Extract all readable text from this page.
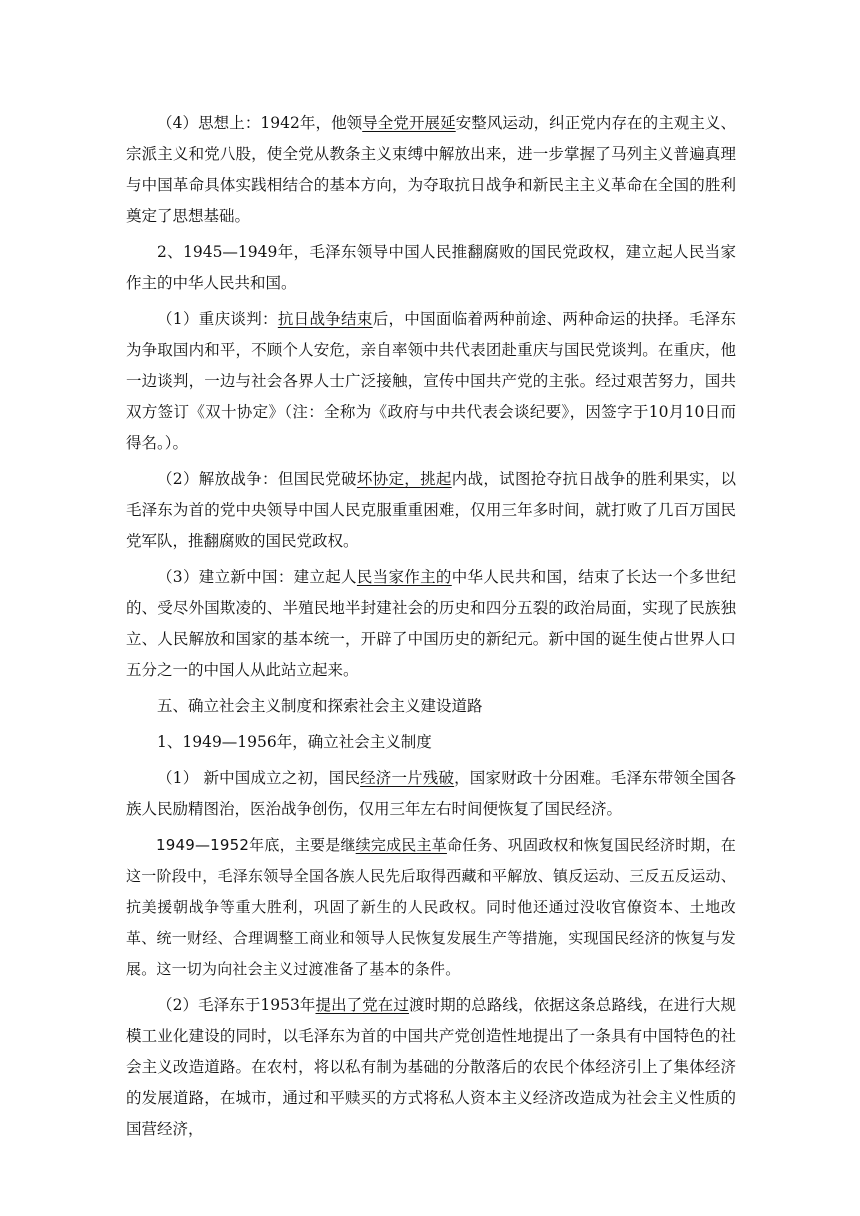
（4）思想上：1942年，他领导全党开展延安整风运动，纠正党内存在的主观主义、宗派主义和党八股，使全党从教条主义束缚中解放出来，进一步掌握了马列主义普遍真理与中国革命具体实践相结合的基本方向，为夺取抗日战争和新民主主义革命在全国的胜利奠定了思想基础。

2、1945—1949年，毛泽东领导中国人民推翻腐败的国民党政权，建立起人民当家作主的中华人民共和国。

（1）重庆谈判：抗日战争结束后，中国面临着两种前途、两种命运的抉择。毛泽东为争取国内和平，不顾个人安危，亲自率领中共代表团赴重庆与国民党谈判。在重庆，他一边谈判，一边与社会各界人士广泛接触，宣传中国共产党的主张。经过艰苦努力，国共双方签订《双十协定》（注：全称为《政府与中共代表会谈纪要》，因签字于10月10日而得名。）。

（2）解放战争：但国民党破坏协定，挑起内战，试图抢夺抗日战争的胜利果实，以毛泽东为首的党中央领导中国人民克服重重困难，仅用三年多时间，就打败了几百万国民党军队，推翻腐败的国民党政权。

（3）建立新中国：建立起人民当家作主的中华人民共和国，结束了长达一个多世纪的、受尽外国欺凌的、半殖民地半封建社会的历史和四分五裂的政治局面，实现了民族独立、人民解放和国家的基本统一，开辟了中国历史的新纪元。新中国的诞生使占世界人口五分之一的中国人从此站立起来。

五、确立社会主义制度和探索社会主义建设道路

1、1949—1956年，确立社会主义制度

（1） 新中国成立之初，国民经济一片残破，国家财政十分困难。毛泽东带领全国各族人民励精图治，医治战争创伤，仅用三年左右时间便恢复了国民经济。

1949—1952年底，主要是继续完成民主革命任务、巩固政权和恢复国民经济时期，在这一阶段中，毛泽东领导全国各族人民先后取得西藏和平解放、镇反运动、三反五反运动、抗美援朝战争等重大胜利，巩固了新生的人民政权。同时他还通过没收官僚资本、土地改革、统一财经、合理调整工商业和领导人民恢复发展生产等措施，实现国民经济的恢复与发展。这一切为向社会主义过渡准备了基本的条件。

（2）毛泽东于1953年提出了党在过渡时期的总路线，依据这条总路线，在进行大规模工业化建设的同时，以毛泽东为首的中国共产党创造性地提出了一条具有中国特色的社会主义改造道路。在农村，将以私有制为基础的分散落后的农民个体经济引上了集体经济的发展道路，在城市，通过和平赎买的方式将私人资本主义经济改造成为社会主义性质的国营经济，
